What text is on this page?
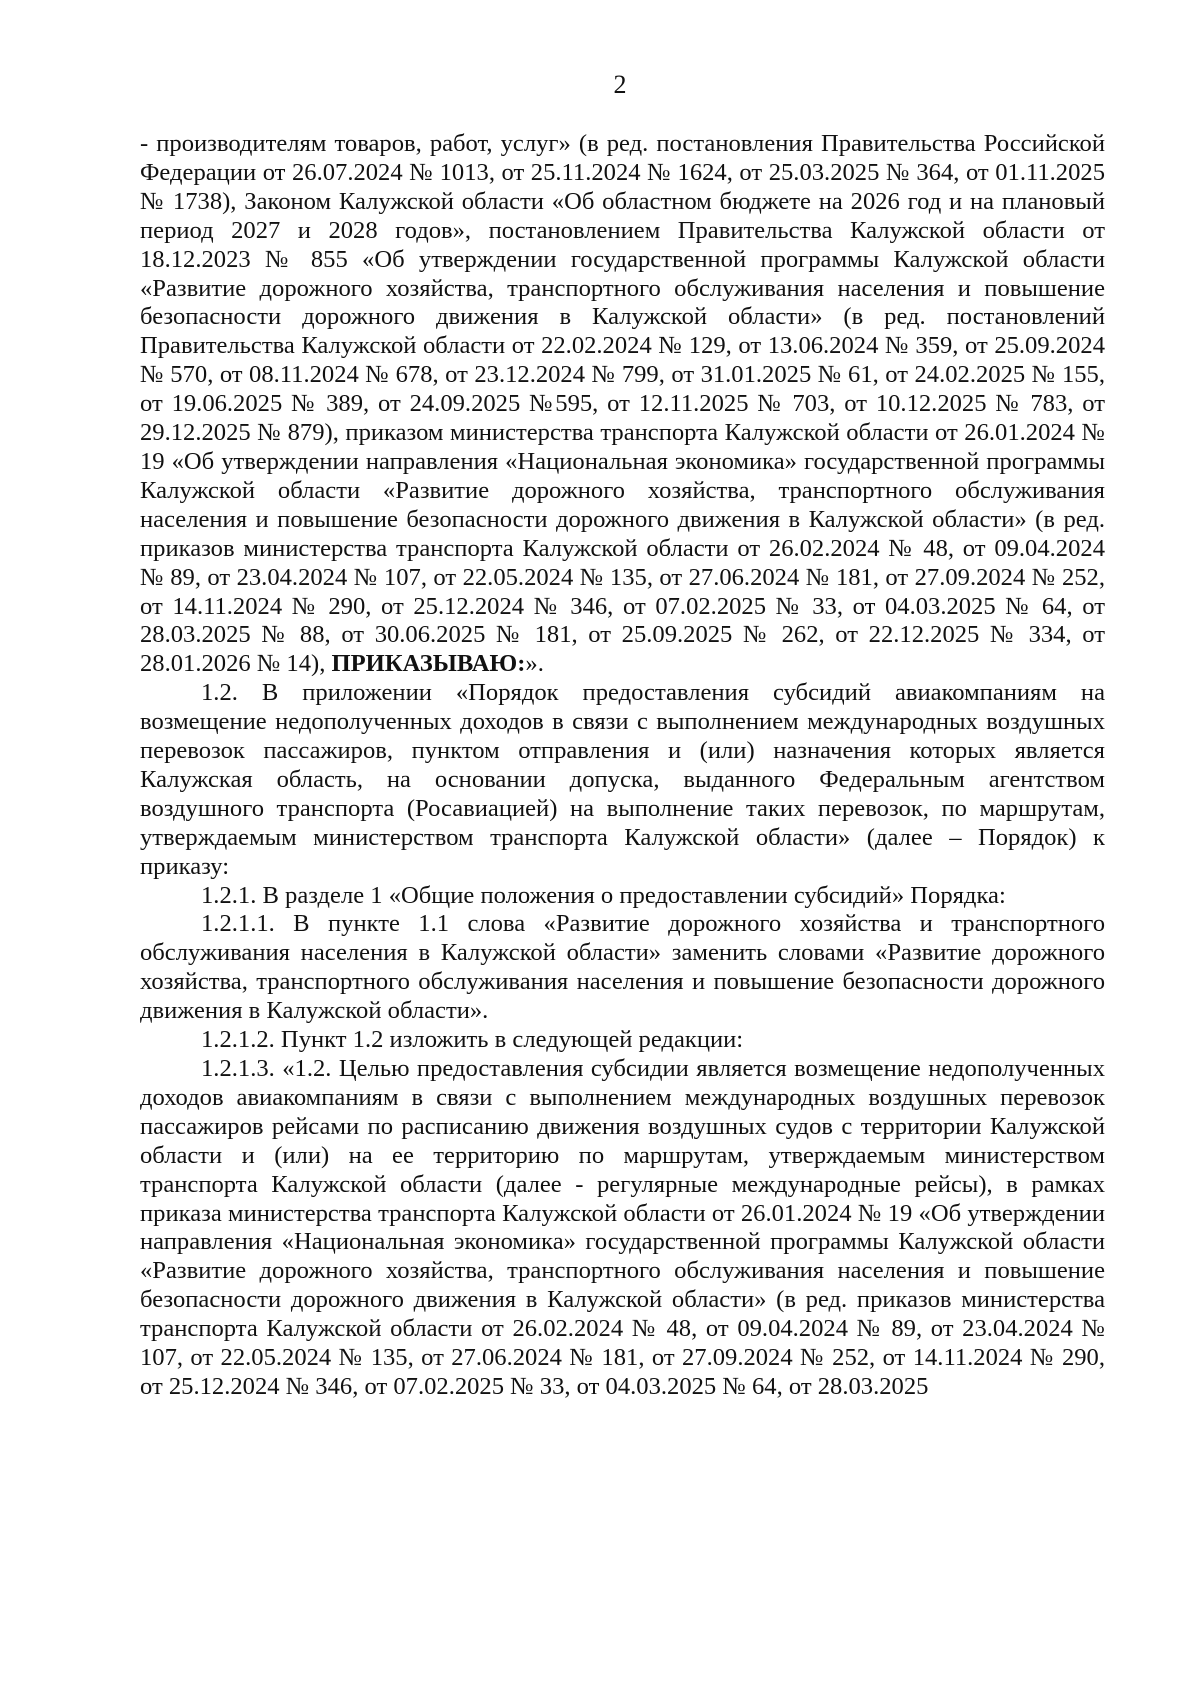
2

- производителям товаров, работ, услуг» (в ред. постановления Правительства Российской Федерации от 26.07.2024 № 1013, от 25.11.2024 № 1624, от 25.03.2025 № 364, от 01.11.2025 № 1738), Законом Калужской области «Об областном бюджете на 2026 год и на плановый период 2027 и 2028 годов», постановлением Правительства Калужской области от 18.12.2023 № 855 «Об утверждении государственной программы Калужской области «Развитие дорожного хозяйства, транспортного обслуживания населения и повышение безопасности дорожного движения в Калужской области» (в ред. постановлений Правительства Калужской области от 22.02.2024 № 129, от 13.06.2024 № 359, от 25.09.2024 № 570, от 08.11.2024 № 678, от 23.12.2024 № 799, от 31.01.2025 № 61, от 24.02.2025 № 155, от 19.06.2025 № 389, от 24.09.2025 №595, от 12.11.2025 № 703, от 10.12.2025 № 783, от 29.12.2025 № 879), приказом министерства транспорта Калужской области от 26.01.2024 № 19 «Об утверждении направления «Национальная экономика» государственной программы Калужской области «Развитие дорожного хозяйства, транспортного обслуживания населения и повышение безопасности дорожного движения в Калужской области» (в ред. приказов министерства транспорта Калужской области от 26.02.2024 № 48, от 09.04.2024 № 89, от 23.04.2024 № 107, от 22.05.2024 № 135, от 27.06.2024 № 181, от 27.09.2024 № 252, от 14.11.2024 № 290, от 25.12.2024 № 346, от 07.02.2025 № 33, от 04.03.2025 № 64, от 28.03.2025 № 88, от 30.06.2025 № 181, от 25.09.2025 № 262, от 22.12.2025 № 334, от 28.01.2026 № 14), ПРИКАЗЫВАЮ:».

1.2. В приложении «Порядок предоставления субсидий авиакомпаниям на возмещение недополученных доходов в связи с выполнением международных воздушных перевозок пассажиров, пунктом отправления и (или) назначения которых является Калужская область, на основании допуска, выданного Федеральным агентством воздушного транспорта (Росавиацией) на выполнение таких перевозок, по маршрутам, утверждаемым министерством транспорта Калужской области» (далее – Порядок) к приказу:

1.2.1. В разделе 1 «Общие положения о предоставлении субсидий» Порядка:

1.2.1.1. В пункте 1.1 слова «Развитие дорожного хозяйства и транспортного обслуживания населения в Калужской области» заменить словами «Развитие дорожного хозяйства, транспортного обслуживания населения и повышение безопасности дорожного движения в Калужской области».

1.2.1.2. Пункт 1.2 изложить в следующей редакции:

1.2.1.3. «1.2. Целью предоставления субсидии является возмещение недополученных доходов авиакомпаниям в связи с выполнением международных воздушных перевозок пассажиров рейсами по расписанию движения воздушных судов с территории Калужской области и (или) на ее территорию по маршрутам, утверждаемым министерством транспорта Калужской области (далее - регулярные международные рейсы), в рамках приказа министерства транспорта Калужской области от 26.01.2024 № 19 «Об утверждении направления «Национальная экономика» государственной программы Калужской области «Развитие дорожного хозяйства, транспортного обслуживания населения и повышение безопасности дорожного движения в Калужской области» (в ред. приказов министерства транспорта Калужской области от 26.02.2024 № 48, от 09.04.2024 № 89, от 23.04.2024 № 107, от 22.05.2024 № 135, от 27.06.2024 № 181, от 27.09.2024 № 252, от 14.11.2024 № 290, от 25.12.2024 № 346, от 07.02.2025 № 33, от 04.03.2025 № 64, от 28.03.2025
